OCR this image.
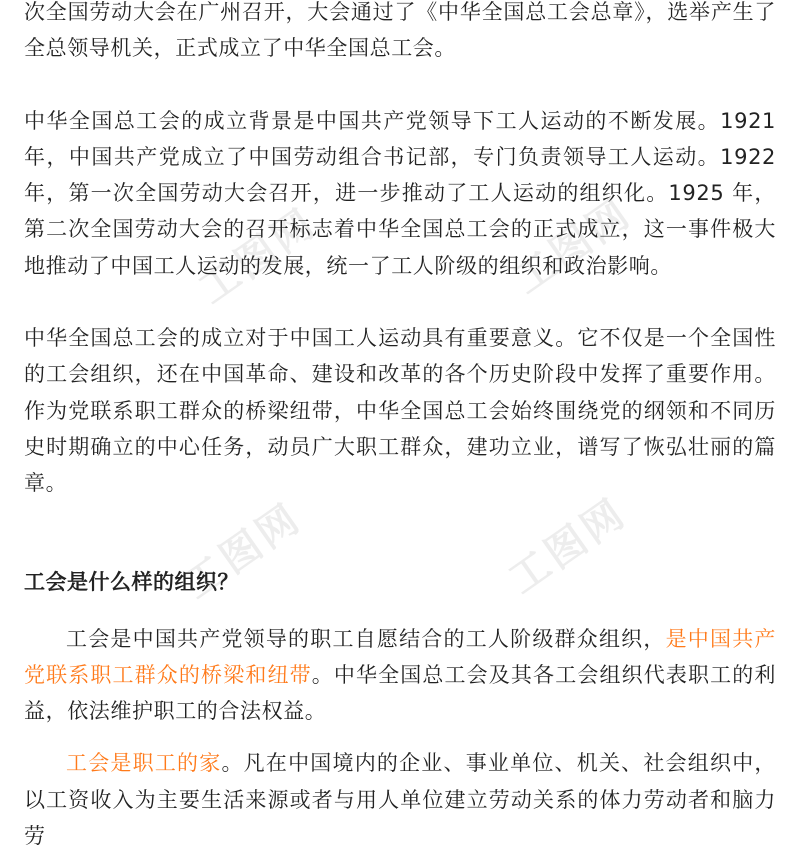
工图网	工图网
工图网	工图网

次全国劳动大会在广州召开，大会通过了《中华全国总工会总章》，选举产生了全总领导机关，正式成立了中华全国总工会。

中华全国总工会的成立背景是中国共产党领导下工人运动的不断发展。1921 年，中国共产党成立了中国劳动组合书记部，专门负责领导工人运动。1922 年，第一次全国劳动大会召开，进一步推动了工人运动的组织化。1925 年，第二次全国劳动大会的召开标志着中华全国总工会的正式成立，这一事件极大地推动了中国工人运动的发展，统一了工人阶级的组织和政治影响。

中华全国总工会的成立对于中国工人运动具有重要意义。它不仅是一个全国性的工会组织，还在中国革命、建设和改革的各个历史阶段中发挥了重要作用。作为党联系职工群众的桥梁纽带，中华全国总工会始终围绕党的纲领和不同历史时期确立的中心任务，动员广大职工群众，建功立业，谱写了恢弘壮丽的篇章。

工会是什么样的组织？

工会是中国共产党领导的职工自愿结合的工人阶级群众组织，是中国共产党联系职工群众的桥梁和纽带。中华全国总工会及其各工会组织代表职工的利益，依法维护职工的合法权益。

工会是职工的家。凡在中国境内的企业、事业单位、机关、社会组织中，以工资收入为主要生活来源或者与用人单位建立劳动关系的体力劳动者和脑力劳
